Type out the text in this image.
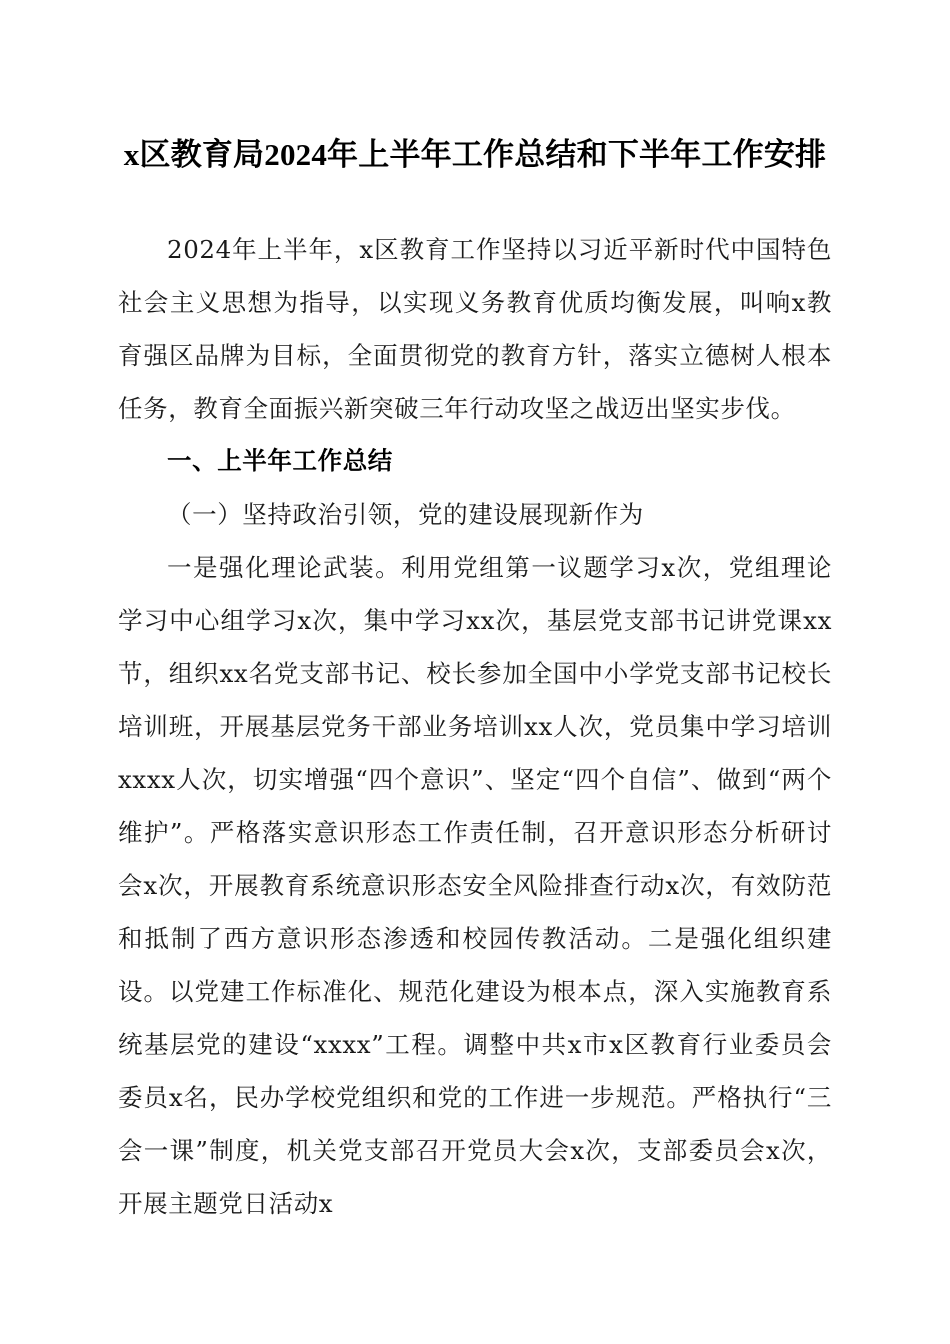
x区教育局2024年上半年工作总结和下半年工作安排

2024年上半年，x区教育工作坚持以习近平新时代中国特色社会主义思想为指导，以实现义务教育优质均衡发展，叫响x教育强区品牌为目标，全面贯彻党的教育方针，落实立德树人根本任务，教育全面振兴新突破三年行动攻坚之战迈出坚实步伐。

一、上半年工作总结
（一）坚持政治引领，党的建设展现新作为

一是强化理论武装。利用党组第一议题学习x次，党组理论学习中心组学习x次，集中学习xx次，基层党支部书记讲党课xx节，组织xx名党支部书记、校长参加全国中小学党支部书记校长培训班，开展基层党务干部业务培训xx人次，党员集中学习培训xxxx人次，切实增强“四个意识”、坚定“四个自信”、做到“两个维护”。严格落实意识形态工作责任制，召开意识形态分析研讨会x次，开展教育系统意识形态安全风险排查行动x次，有效防范和抵制了西方意识形态渗透和校园传教活动。二是强化组织建设。以党建工作标准化、规范化建设为根本点，深入实施教育系统基层党的建设“xxxx”工程。调整中共x市x区教育行业委员会委员x名，民办学校党组织和党的工作进一步规范。严格执行“三会一课”制度，机关党支部召开党员大会x次，支部委员会x次，开展主题党日活动x
